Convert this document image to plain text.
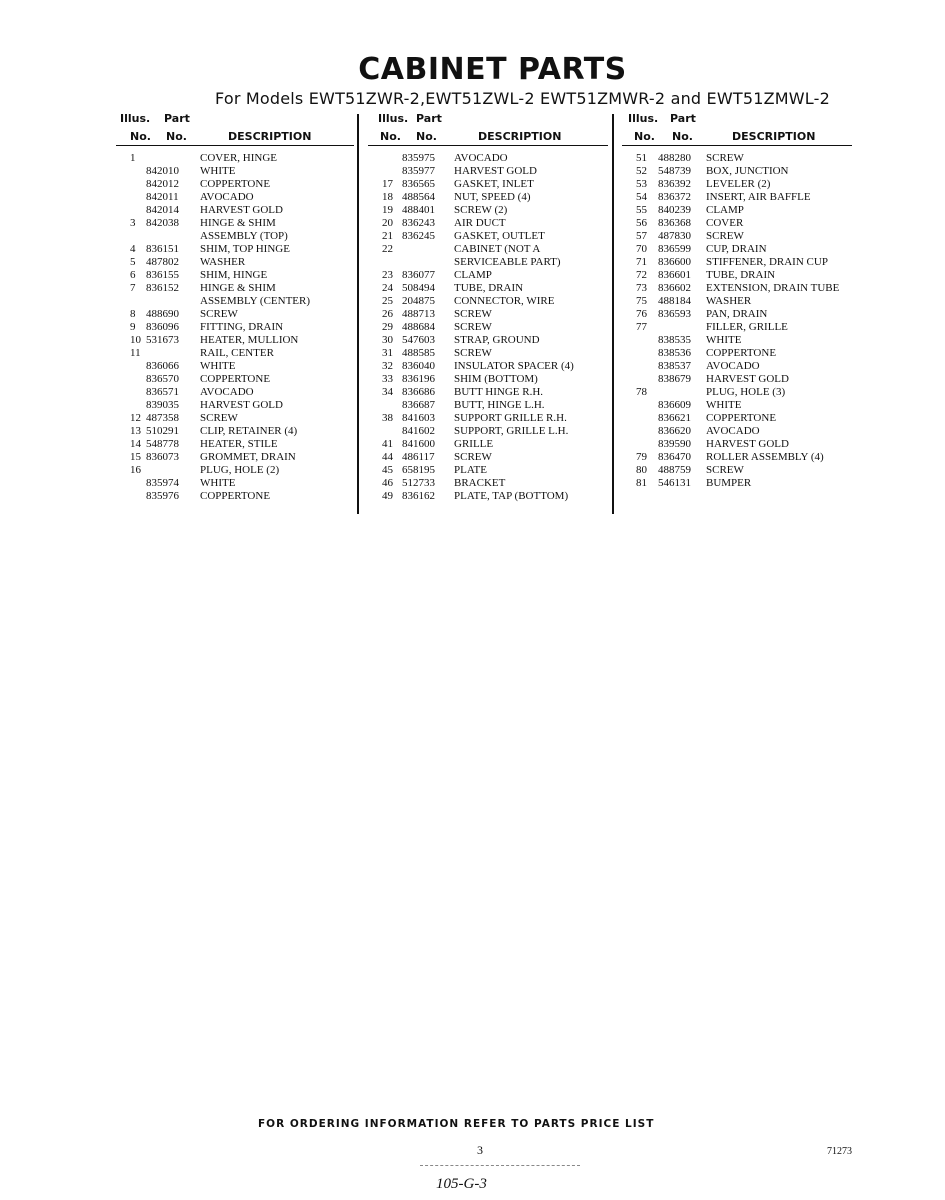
CABINET PARTS
For Models EWT51ZWR-2,EWT51ZWL-2 EWT51ZMWR-2 and EWT51ZMWL-2
Illus. Part
No. No.	DESCRIPTION
1	COVER, HINGE
842010 WHITE
842012 COPPERTONE
842011 AVOCADO
842014 HARVEST GOLD
3 842038 HINGE & SHIM
ASSEMBLY (TOP)
4 836151 SHIM, TOP HINGE
5 487802 WASHER
6 836155 SHIM, HINGE
7 836152 HINGE & SHIM
ASSEMBLY (CENTER)
8 488690 SCREW
9 836096 FITTING, DRAIN
10 531673 HEATER, MULLION
11	RAIL, CENTER
836066 WHITE
836570 COPPERTONE
836571 AVOCADO
839035 HARVEST GOLD
12 487358 SCREW
13 510291 CLIP, RETAINER (4)
14 548778 HEATER, STILE
15 836073 GROMMET, DRAIN
16	PLUG, HOLE (2)
835974 WHITE
835976 COPPERTONE
Illus. Part
No. No.	DESCRIPTION
835975 AVOCADO
835977 HARVEST GOLD
17 836565 GASKET, INLET
18 488564 NUT, SPEED (4)
19 488401 SCREW (2)
20 836243 AIR DUCT
21 836245 GASKET, OUTLET
22	CABINET (NOT A
SERVICEABLE PART)
23 836077 CLAMP
24 508494 TUBE, DRAIN
25 204875 CONNECTOR, WIRE
26 488713 SCREW
29 488684 SCREW
30 547603 STRAP, GROUND
31 488585 SCREW
32 836040 INSULATOR SPACER (4)
33 836196 SHIM (BOTTOM)
34 836686 BUTT HINGE R.H.
836687 BUTT, HINGE L.H.
38 841603 SUPPORT GRILLE R.H.
841602 SUPPORT, GRILLE L.H.
41 841600 GRILLE
44 486117 SCREW
45 658195 PLATE
46 512733 BRACKET
49 836162 PLATE, TAP (BOTTOM)
Illus. Part
No. No.	DESCRIPTION
51 488280 SCREW
52 548739 BOX, JUNCTION
53 836392 LEVELER (2)
54 836372 INSERT, AIR BAFFLE
55 840239 CLAMP
56 836368 COVER
57 487830 SCREW
70 836599 CUP, DRAIN
71 836600 STIFFENER, DRAIN CUP
72 836601 TUBE, DRAIN
73 836602 EXTENSION, DRAIN TUBE
75 488184 WASHER
76 836593 PAN, DRAIN
77	FILLER, GRILLE
838535 WHITE
838536 COPPERTONE
838537 AVOCADO
838679 HARVEST GOLD
78	PLUG, HOLE (3)
836609 WHITE
836621 COPPERTONE
836620 AVOCADO
839590 HARVEST GOLD
79 836470 ROLLER ASSEMBLY (4)
80 488759 SCREW
81 546131 BUMPER
FOR ORDERING INFORMATION REFER TO PARTS PRICE LIST
3	71273
105-G-3
